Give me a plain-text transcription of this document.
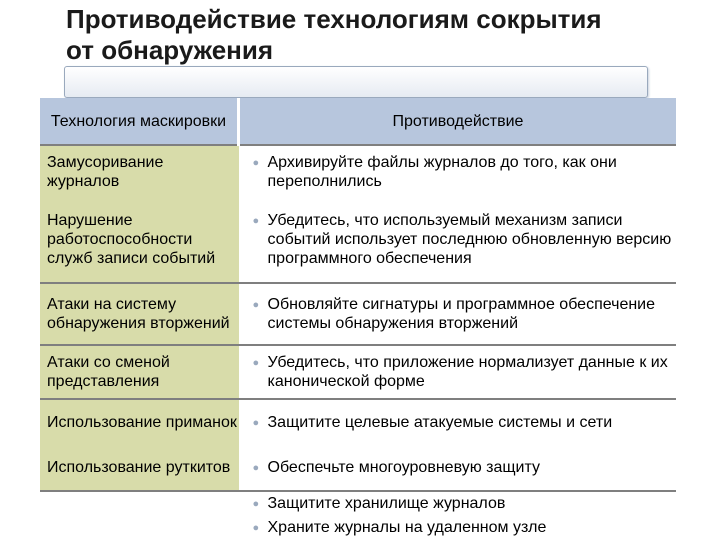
Противодействие технологиям сокрытия от обнаружения
Технология маскировки	Противодействие
Замусоривание журналов	● Архивируйте файлы журналов до того, как они переполнились

Нарушение работоспособности служб записи событий	● Убедитесь, что используемый механизм записи событий использует последнюю обновленную версию программного обеспечения

Атаки на систему обнаружения вторжений	● Обновляйте сигнатуры и программное обеспечение системы обнаружения вторжений

Атаки со сменой представления	● Убедитесь, что приложение нормализует данные к их канонической форме

Использование приманок	● Защитите целевые атакуемые системы и сети

Использование руткитов	● Обеспечьте многоуровневую защиту

	● Защитите хранилище журналов
● Храните журналы на удаленном узле
